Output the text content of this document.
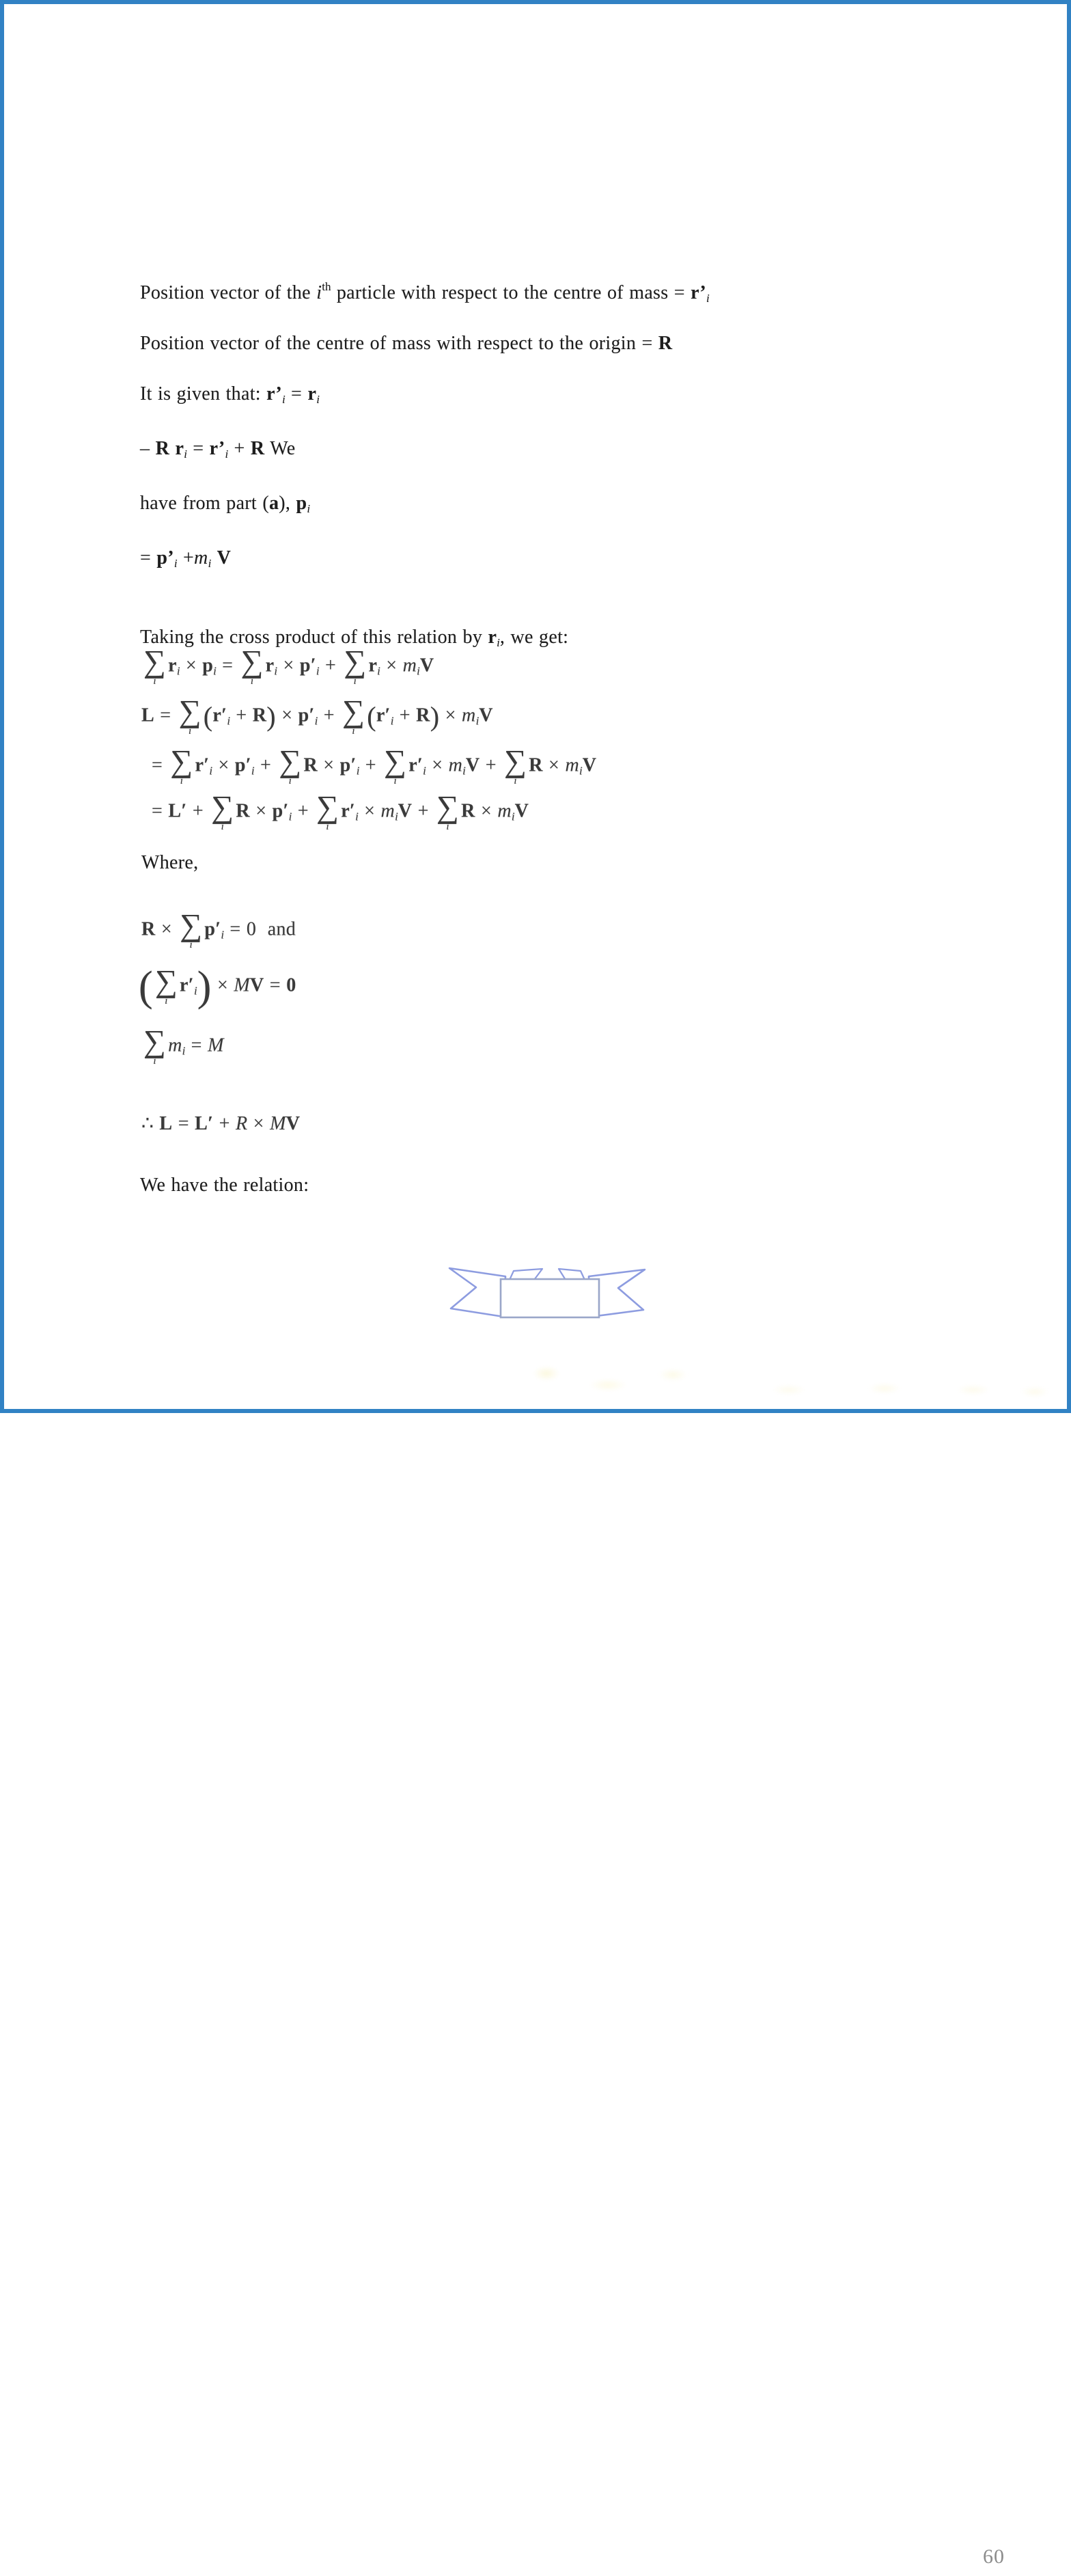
Position vector of the $i^{th}$ particle with respect to the centre of mass = r’i
Position vector of the centre of mass with respect to the origin = R
It is given that: r’i = ri
– R ri = r’i + R We
have from part (a), pi
= p’i +mi V
Taking the cross product of this relation by ri, we get:
∑
i
ri × pi = ∑
i
ri × p′i + ∑
i
ri × miV
L = ∑
i (r′i + R) × p′i + ∑
i (r′i + R) × miV
= ∑
i
r′i × p′i + ∑
i
R × p′i + ∑
i
r′i × miV + ∑
i
R × miV
= L′ + ∑
i
R × p′i + ∑
i
r′i × miV + ∑
i
R × miV
Where,
R × ∑
i
p′i = 0  and
( ∑
i
r′i) × MV = 0
∑
i
mi = M
∴ L = L′ + R × MV
We have the relation:
60
